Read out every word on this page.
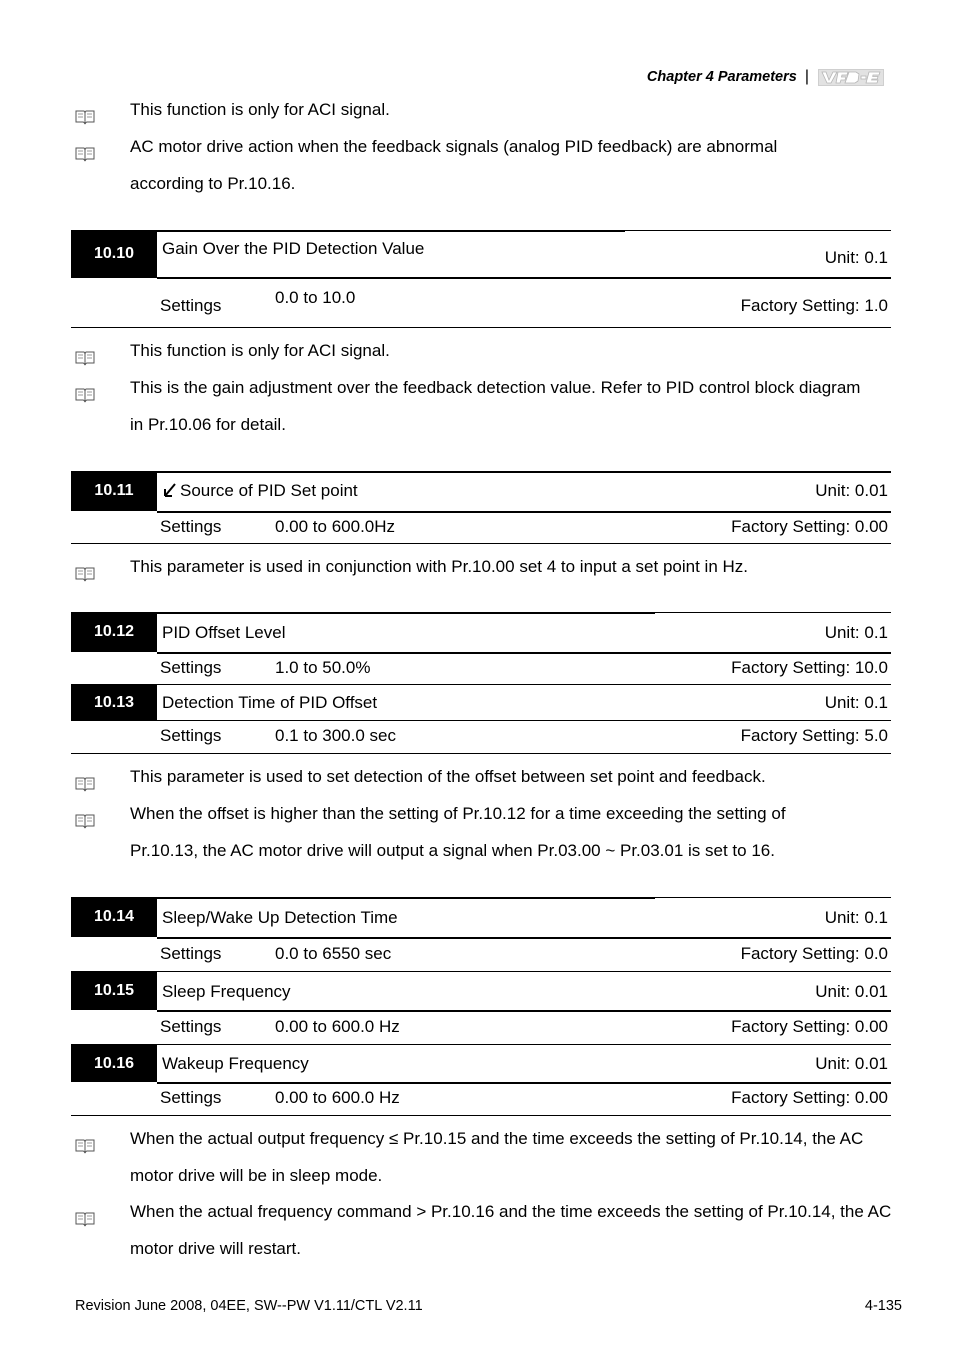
Chapter 4 Parameters |
This function is only for ACI signal.
AC motor drive action when the feedback signals (analog PID feedback) are abnormal according to Pr.10.16.
10.10	Gain Over the PID Detection Value	Unit: 0.1
Settings	0.0 to 10.0	Factory Setting: 1.0
This function is only for ACI signal.
This is the gain adjustment over the feedback detection value. Refer to PID control block diagram in Pr.10.06 for detail.
10.11	Source of PID Set point	Unit: 0.01
Settings	0.00 to 600.0Hz	Factory Setting: 0.00
This parameter is used in conjunction with Pr.10.00 set 4 to input a set point in Hz.
10.12	PID Offset Level	Unit: 0.1
Settings	1.0 to 50.0%	Factory Setting: 10.0
10.13	Detection Time of PID Offset	Unit: 0.1
Settings	0.1 to 300.0 sec	Factory Setting: 5.0
This parameter is used to set detection of the offset between set point and feedback.
When the offset is higher than the setting of Pr.10.12 for a time exceeding the setting of Pr.10.13, the AC motor drive will output a signal when Pr.03.00 ~ Pr.03.01 is set to 16.
10.14	Sleep/Wake Up Detection Time	Unit: 0.1
Settings	0.0 to 6550 sec	Factory Setting: 0.0
10.15	Sleep Frequency	Unit: 0.01
Settings	0.00 to 600.0 Hz	Factory Setting: 0.00
10.16	Wakeup Frequency	Unit: 0.01
Settings	0.00 to 600.0 Hz	Factory Setting: 0.00
When the actual output frequency ≤ Pr.10.15 and the time exceeds the setting of Pr.10.14, the AC motor drive will be in sleep mode.
When the actual frequency command > Pr.10.16 and the time exceeds the setting of Pr.10.14, the AC motor drive will restart.
Revision June 2008, 04EE, SW--PW V1.11/CTL V2.11	4-135
